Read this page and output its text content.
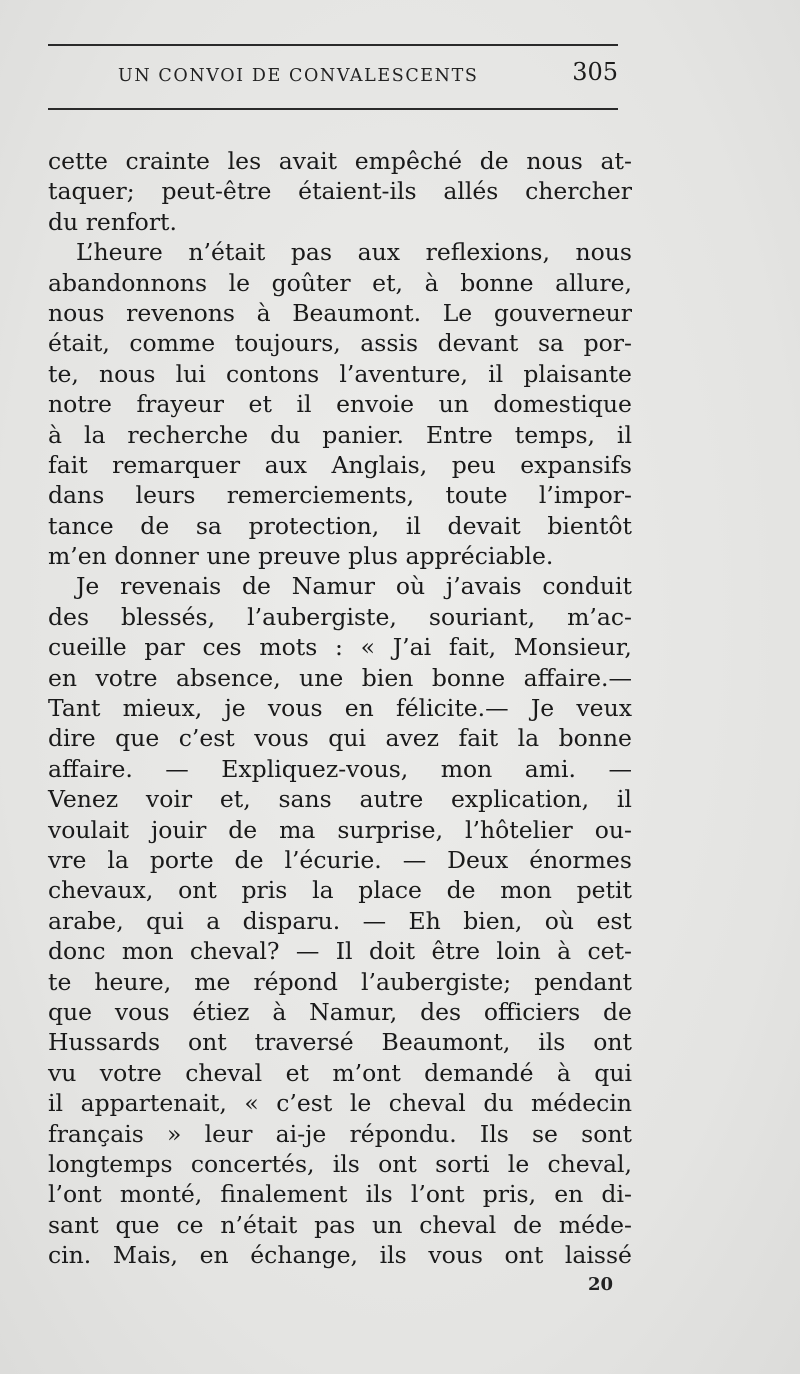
UN CONVOI DE CONVALESCENTS	305
cette crainte les avait empêché de nous at-
taquer; peut-être étaient-ils allés chercher
du renfort.
L’heure n’était pas aux reflexions, nous
abandonnons le goûter et, à bonne allure,
nous revenons à Beaumont. Le gouverneur
était, comme toujours, assis devant sa por-
te, nous lui contons l’aventure, il plaisante
notre frayeur et il envoie un domestique
à la recherche du panier. Entre temps, il
fait remarquer aux Anglais, peu expansifs
dans leurs remerciements, toute l’impor-
tance de sa protection, il devait bientôt
m’en donner une preuve plus appréciable.
Je revenais de Namur où j’avais conduit
des blessés, l’aubergiste, souriant, m’ac-
cueille par ces mots : « J’ai fait, Monsieur,
en votre absence, une bien bonne affaire.—
Tant mieux, je vous en félicite.— Je veux
dire que c’est vous qui avez fait la bonne
affaire. — Expliquez-vous, mon ami. —
Venez voir et, sans autre explication, il
voulait jouir de ma surprise, l’hôtelier ou-
vre la porte de l’écurie. — Deux énormes
chevaux, ont pris la place de mon petit
arabe, qui a disparu. — Eh bien, où est
donc mon cheval? — Il doit être loin à cet-
te heure, me répond l’aubergiste; pendant
que vous étiez à Namur, des officiers de
Hussards ont traversé Beaumont, ils ont
vu votre cheval et m’ont demandé à qui
il appartenait, « c’est le cheval du médecin
français » leur ai-je répondu. Ils se sont
longtemps concertés, ils ont sorti le cheval,
l’ont monté, finalement ils l’ont pris, en di-
sant que ce n’était pas un cheval de méde-
cin. Mais, en échange, ils vous ont laissé
20
